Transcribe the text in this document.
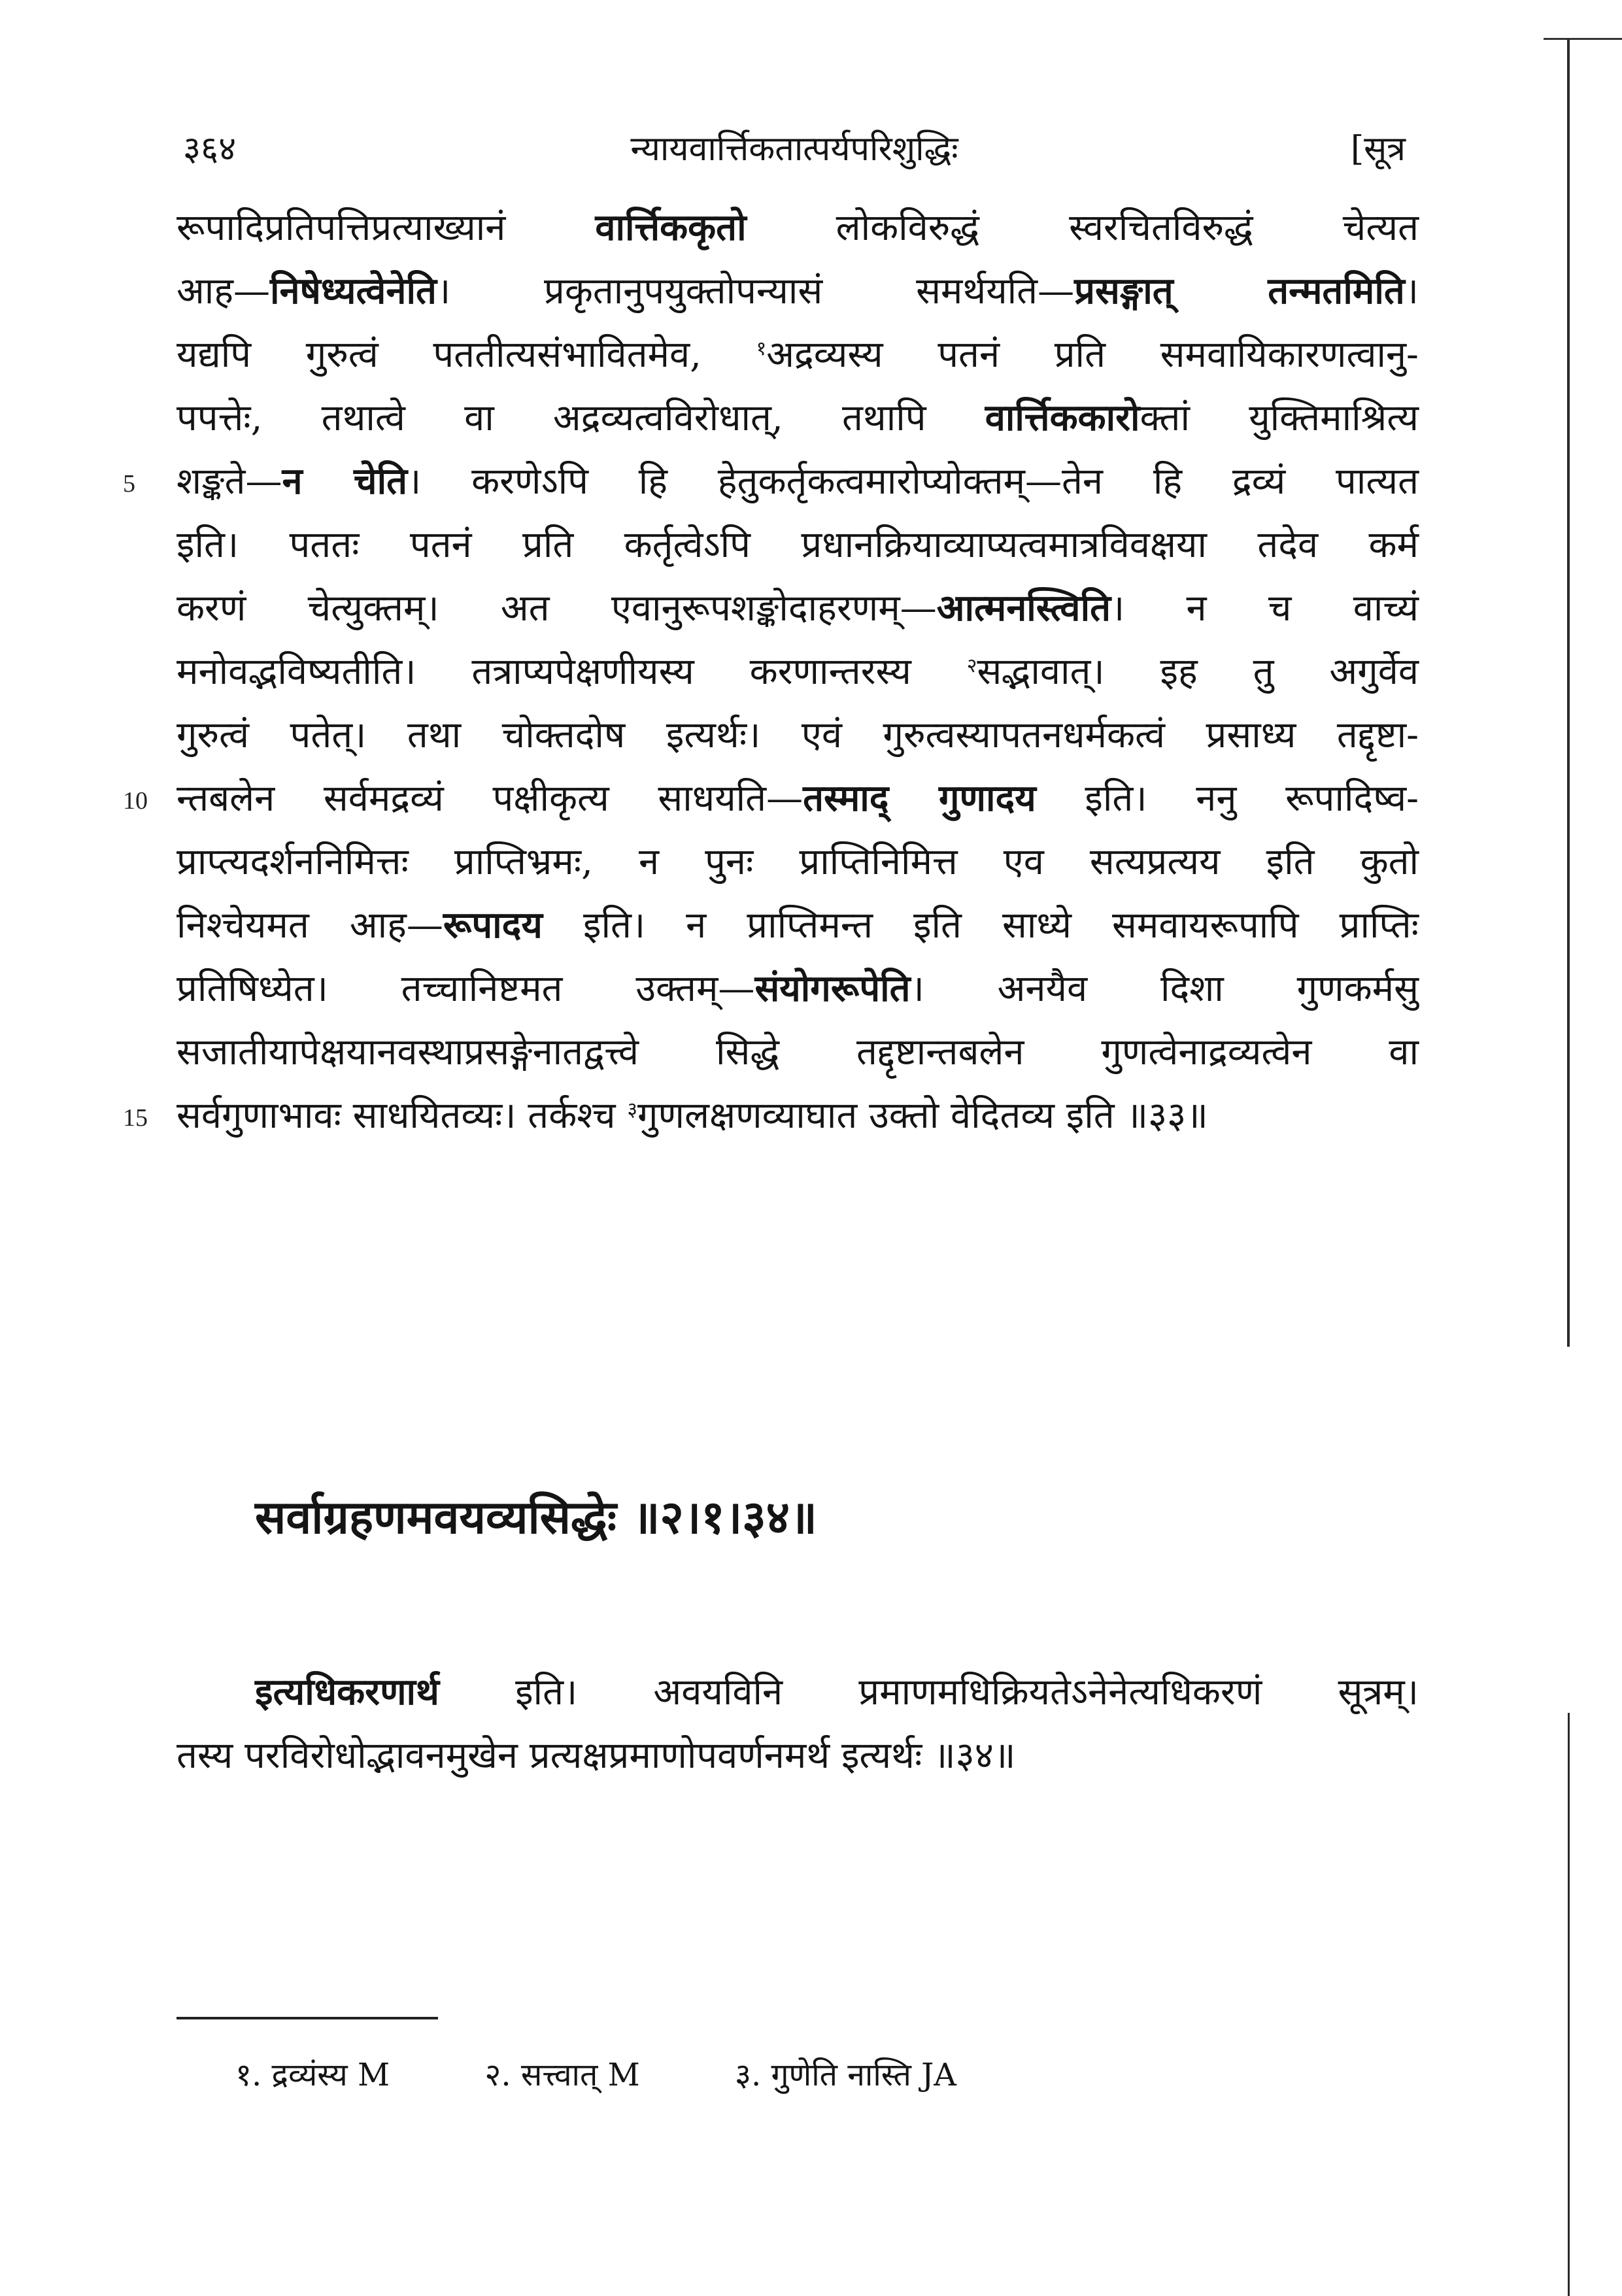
३६४	न्यायवार्त्तिकतात्पर्यपरिशुद्धिः	[सूत्र
रूपादिप्रतिपत्तिप्रत्याख्यानं वार्त्तिककृतो लोकविरुद्धं स्वरचितविरुद्धं चेत्यत
आह—निषेध्यत्वेनेति। प्रकृतानुपयुक्तोपन्यासं समर्थयति—प्रसङ्गात् तन्मतमिति।
यद्यपि गुरुत्वं पततीत्यसंभावितमेव, $^१$अद्रव्यस्य पतनं प्रति समवायिकारणत्वानु-
पपत्तेः, तथात्वे वा अद्रव्यत्वविरोधात्, तथापि वार्त्तिककारोक्तां युक्तिमाश्रित्य
5 शङ्कते—न चेति। करणेऽपि हि हेतुकर्तृकत्वमारोप्योक्तम्—तेन हि द्रव्यं पात्यत
इति। पततः पतनं प्रति कर्तृत्वेऽपि प्रधानक्रियाव्याप्यत्वमात्रविवक्षया तदेव कर्म
करणं चेत्युक्तम्। अत एवानुरूपशङ्कोदाहरणम्—आत्मनस्त्विति। न च वाच्यं
मनोवद्भविष्यतीति। तत्राप्यपेक्षणीयस्य करणान्तरस्य $^२$सद्भावात्। इह तु अगुर्वेव
गुरुत्वं पतेत्। तथा चोक्तदोष इत्यर्थः। एवं गुरुत्वस्यापतनधर्मकत्वं प्रसाध्य तद्दृष्टा-
10 न्तबलेन सर्वमद्रव्यं पक्षीकृत्य साधयति—तस्माद् गुणादय इति। ननु रूपादिष्व-
प्राप्त्यदर्शननिमित्तः प्राप्तिभ्रमः, न पुनः प्राप्तिनिमित्त एव सत्यप्रत्यय इति कुतो
निश्चेयमत आह—रूपादय इति। न प्राप्तिमन्त इति साध्ये समवायरूपापि प्राप्तिः
प्रतिषिध्येत। तच्चानिष्टमत उक्तम्—संयोगरूपेति। अनयैव दिशा गुणकर्मसु
सजातीयापेक्षयानवस्थाप्रसङ्गेनातद्वत्त्वे सिद्धे तद्दृष्टान्तबलेन गुणत्वेनाद्रव्यत्वेन वा
15 सर्वगुणाभावः साधयितव्यः। तर्कश्च $^३$गुणलक्षणव्याघात उक्तो वेदितव्य इति ॥३३॥
सर्वाग्रहणमवयव्यसिद्धेः ॥२।१।३४॥
इत्यधिकरणार्थ इति। अवयविनि प्रमाणमधिक्रियतेऽनेनेत्यधिकरणं सूत्रम्।
तस्य परविरोधोद्भावनमुखेन प्रत्यक्षप्रमाणोपवर्णनमर्थ इत्यर्थः ॥३४॥
१. द्रव्यंस्य M	२. सत्त्वात् M	३. गुणेति नास्ति JA
